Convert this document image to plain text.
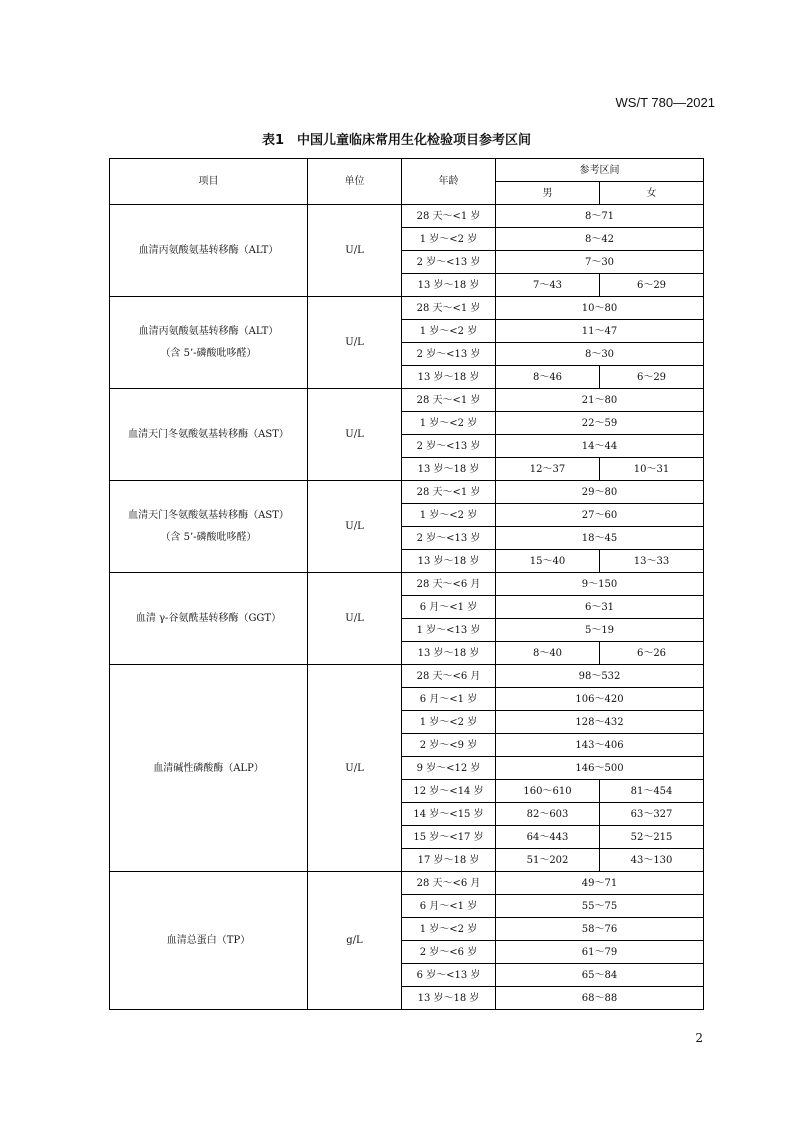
WS/T 780—2021
表1　中国儿童临床常用生化检验项目参考区间
项目	单位	年龄	参考区间	
			男	女

血清丙氨酸氨基转移酶（ALT）	U/L	28 天～<1 岁	8～71	
		1 岁～<2 岁	8～42	
		2 岁～<13 岁	7～30	
		13 岁～18 岁	7～43	6～29

血清丙氨酸氨基转移酶（ALT）
（含 5’-磷酸吡哆醛）	U/L	28 天～<1 岁	10～80	
		1 岁～<2 岁	11～47	
		2 岁～<13 岁	8～30	
		13 岁～18 岁	8～46	6～29

血清天门冬氨酸氨基转移酶（AST）	U/L	28 天～<1 岁	21～80	
		1 岁～<2 岁	22～59	
		2 岁～<13 岁	14～44	
		13 岁～18 岁	12～37	10～31

血清天门冬氨酸氨基转移酶（AST）
（含 5’-磷酸吡哆醛）	U/L	28 天～<1 岁	29～80	
		1 岁～<2 岁	27～60	
		2 岁～<13 岁	18～45	
		13 岁～18 岁	15～40	13～33

血清 γ-谷氨酰基转移酶（GGT）	U/L	28 天～<6 月	9～150	
		6 月～<1 岁	6～31	
		1 岁～<13 岁	5～19	
		13 岁～18 岁	8～40	6～26

血清碱性磷酸酶（ALP）	U/L	28 天～<6 月	98～532	
		6 月～<1 岁	106～420	
		1 岁～<2 岁	128～432	
		2 岁～<9 岁	143～406	
		9 岁～<12 岁	146～500	
		12 岁～<14 岁	160～610	81～454
		14 岁～<15 岁	82～603	63～327
		15 岁～<17 岁	64～443	52～215
		17 岁～18 岁	51～202	43～130

血清总蛋白（TP）	g/L	28 天～<6 月	49～71	
		6 月～<1 岁	55～75	
		1 岁～<2 岁	58～76	
		2 岁～<6 岁	61～79	
		6 岁～<13 岁	65～84	
		13 岁～18 岁	68～88	
2
